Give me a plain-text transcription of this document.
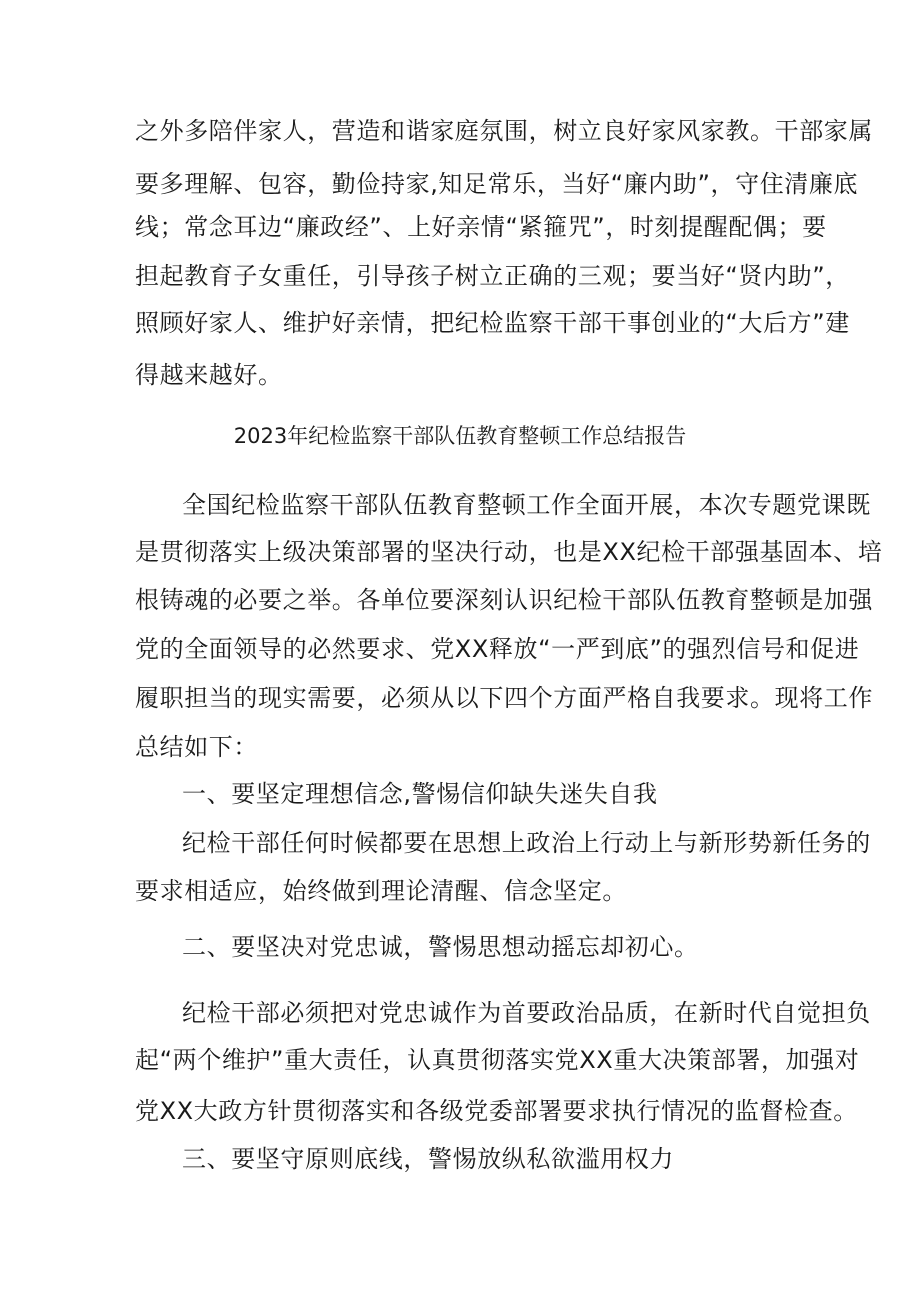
之外多陪伴家人，营造和谐家庭氛围，树立良好家风家教。干部家属
要多理解、包容，勤俭持家,知足常乐，当好“廉内助”，守住清廉底
线；常念耳边“廉政经”、上好亲情“紧箍咒”，时刻提醒配偶；要
担起教育子女重任，引导孩子树立正确的三观；要当好“贤内助”，
照顾好家人、维护好亲情，把纪检监察干部干事创业的“大后方”建
得越来越好。
2023年纪检监察干部队伍教育整顿工作总结报告
全国纪检监察干部队伍教育整顿工作全面开展，本次专题党课既
是贯彻落实上级决策部署的坚决行动，也是XX纪检干部强基固本、培
根铸魂的必要之举。各单位要深刻认识纪检干部队伍教育整顿是加强
党的全面领导的必然要求、党XX释放“一严到底”的强烈信号和促进
履职担当的现实需要，必须从以下四个方面严格自我要求。现将工作
总结如下：
一、要坚定理想信念,警惕信仰缺失迷失自我
纪检干部任何时候都要在思想上政治上行动上与新形势新任务的
要求相适应，始终做到理论清醒、信念坚定。
二、要坚决对党忠诚，警惕思想动摇忘却初心。
纪检干部必须把对党忠诚作为首要政治品质，在新时代自觉担负
起“两个维护”重大责任，认真贯彻落实党XX重大决策部署，加强对
党XX大政方针贯彻落实和各级党委部署要求执行情况的监督检查。
三、要坚守原则底线，警惕放纵私欲滥用权力
